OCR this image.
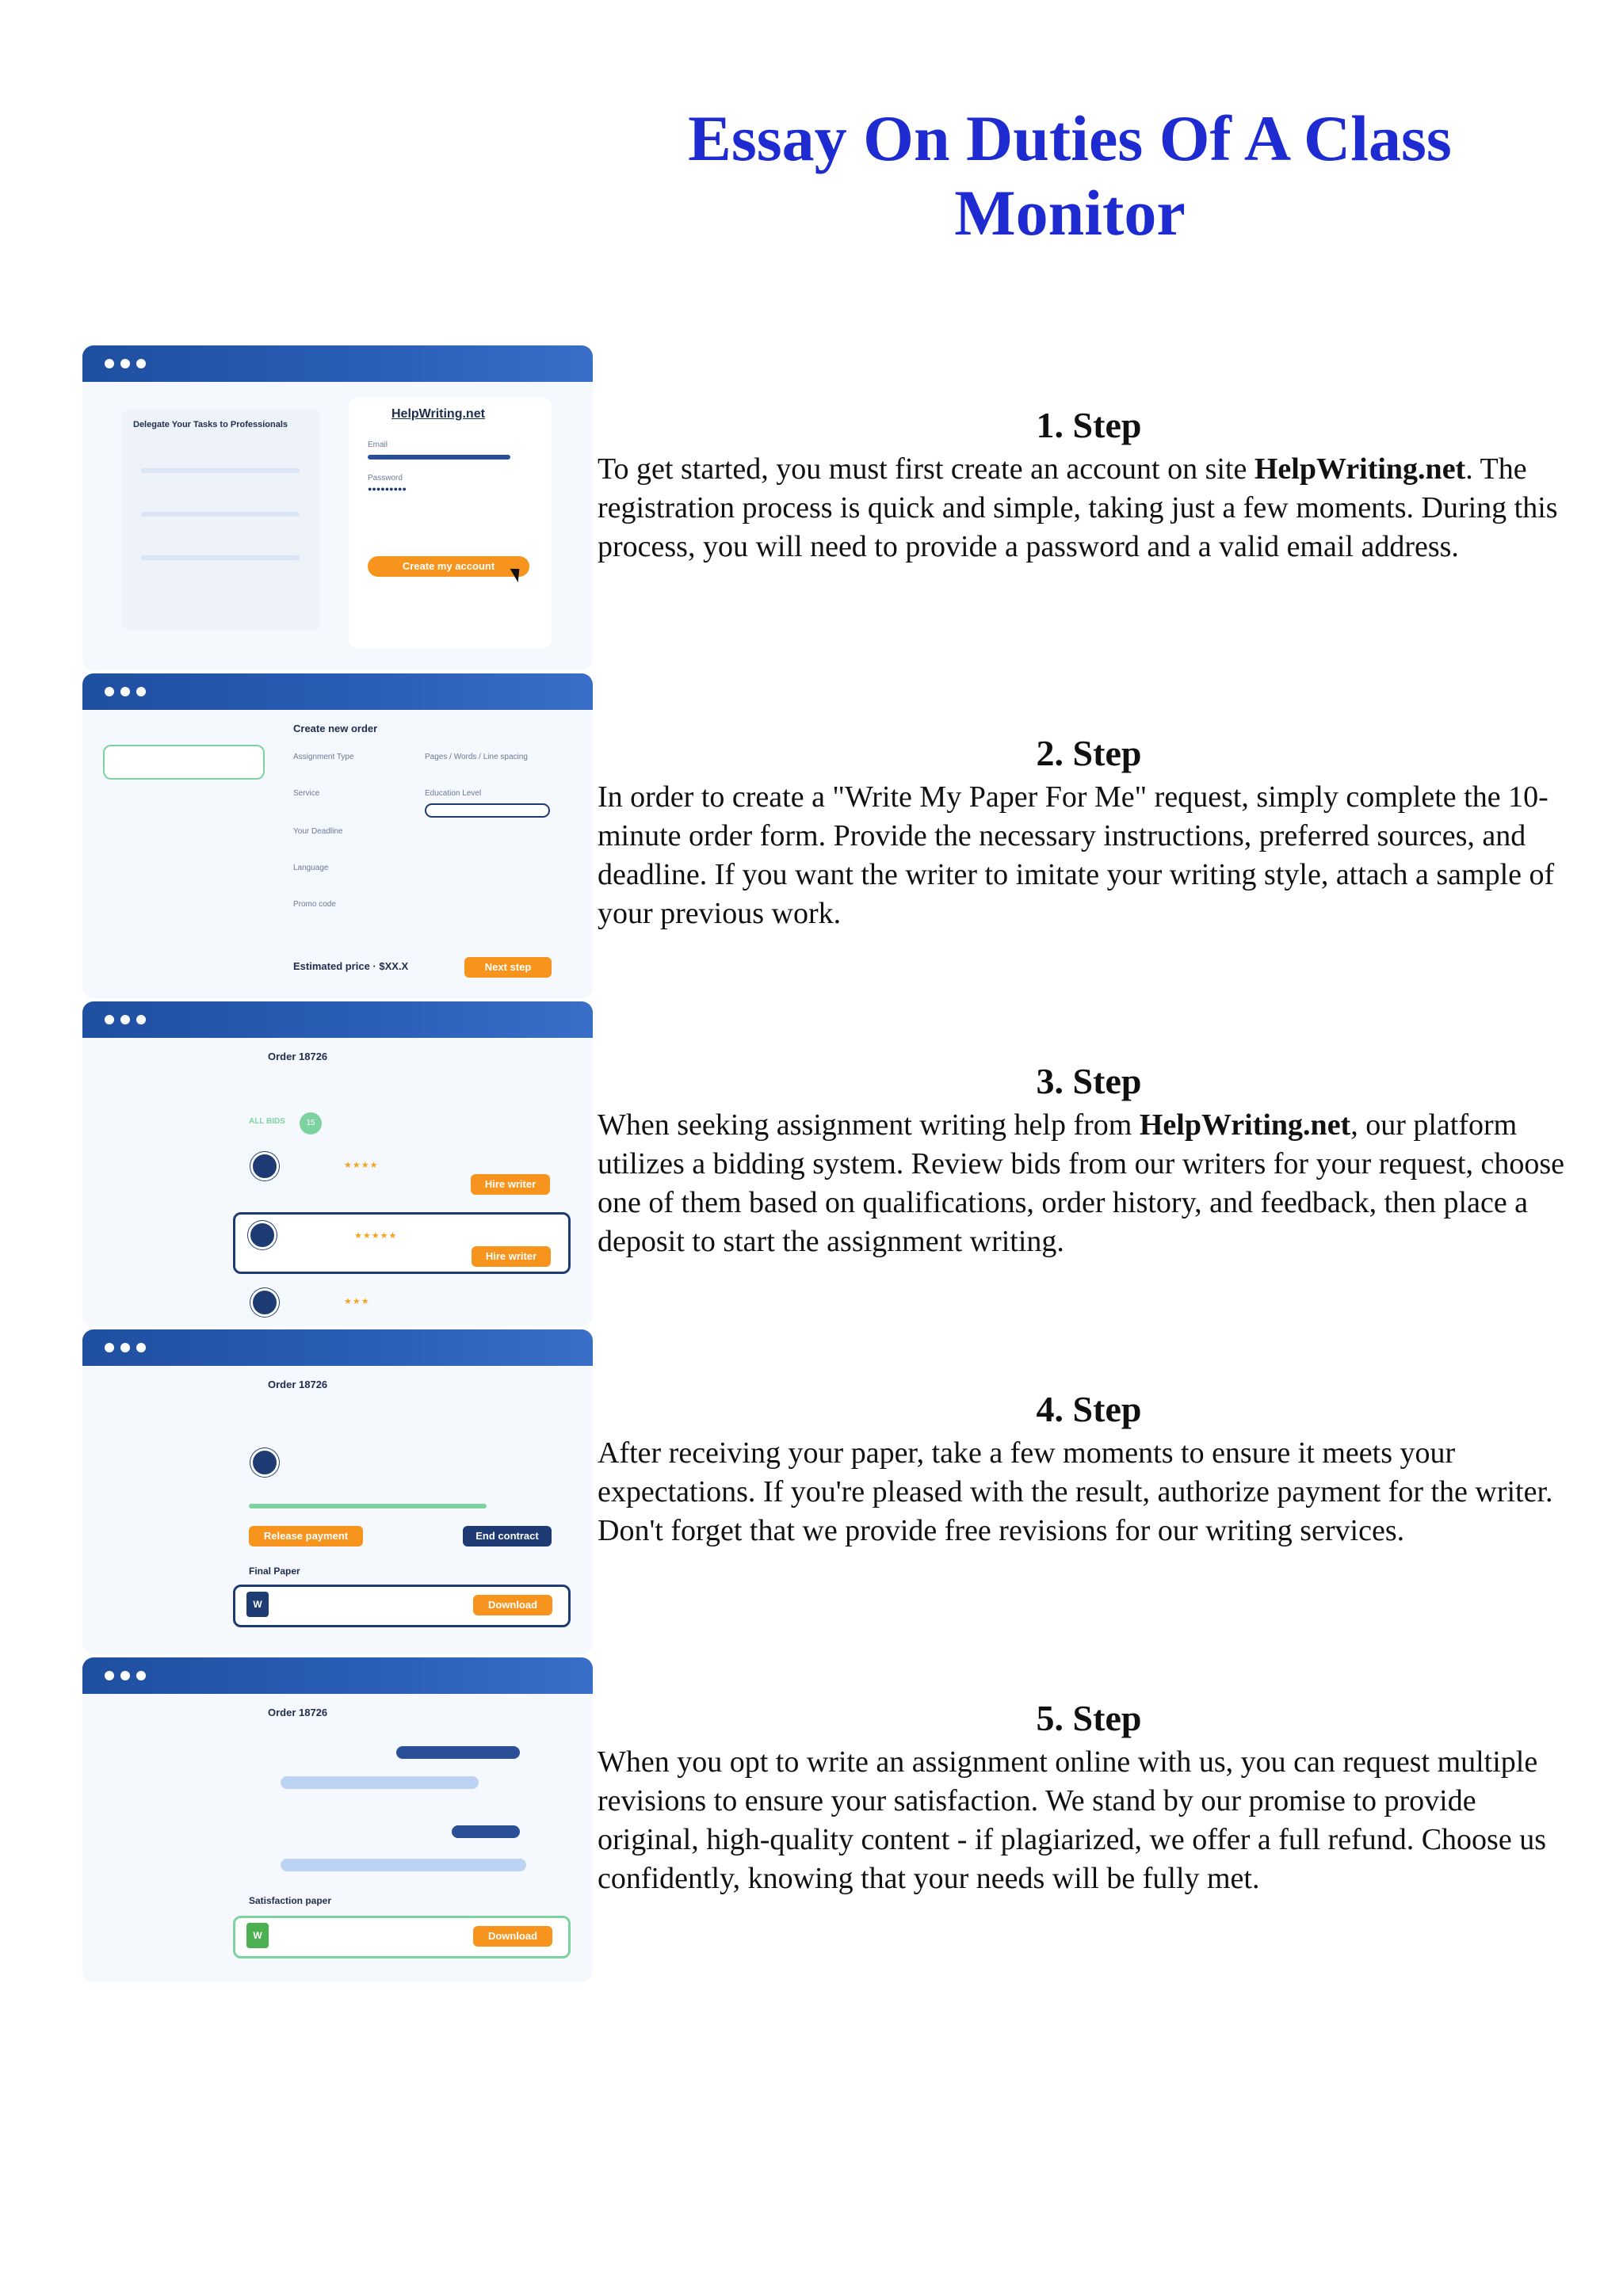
Essay On Duties Of A Class Monitor
Delegate Your Tasks to Professionals
HelpWriting.net
Email
Password
●●●●●●●●●
Create my account
Create new order
Assignment Type	Pages / Words / Line spacing
Service	Education Level
Your Deadline
Language
Promo code
Estimated price · $XX.X	Next step
Order 18726
ALL BIDS	15
★★★★
Hire writer
★★★★★
Hire writer
★★★
Order 18726
Release payment	End contract
Final Paper
W	Download
Order 18726
Satisfaction paper
W	Download
1. Step

To get started, you must first create an account on site HelpWriting.net. The registration process is quick and simple, taking just a few moments. During this process, you will need to provide a password and a valid email address.

2. Step

In order to create a "Write My Paper For Me" request, simply complete the 10-minute order form. Provide the necessary instructions, preferred sources, and deadline. If you want the writer to imitate your writing style, attach a sample of your previous work.

3. Step

When seeking assignment writing help from HelpWriting.net, our platform utilizes a bidding system. Review bids from our writers for your request, choose one of them based on qualifications, order history, and feedback, then place a deposit to start the assignment writing.

4. Step

After receiving your paper, take a few moments to ensure it meets your expectations. If you're pleased with the result, authorize payment for the writer. Don't forget that we provide free revisions for our writing services.

5. Step

When you opt to write an assignment online with us, you can request multiple revisions to ensure your satisfaction. We stand by our promise to provide original, high-quality content - if plagiarized, we offer a full refund. Choose us confidently, knowing that your needs will be fully met.
